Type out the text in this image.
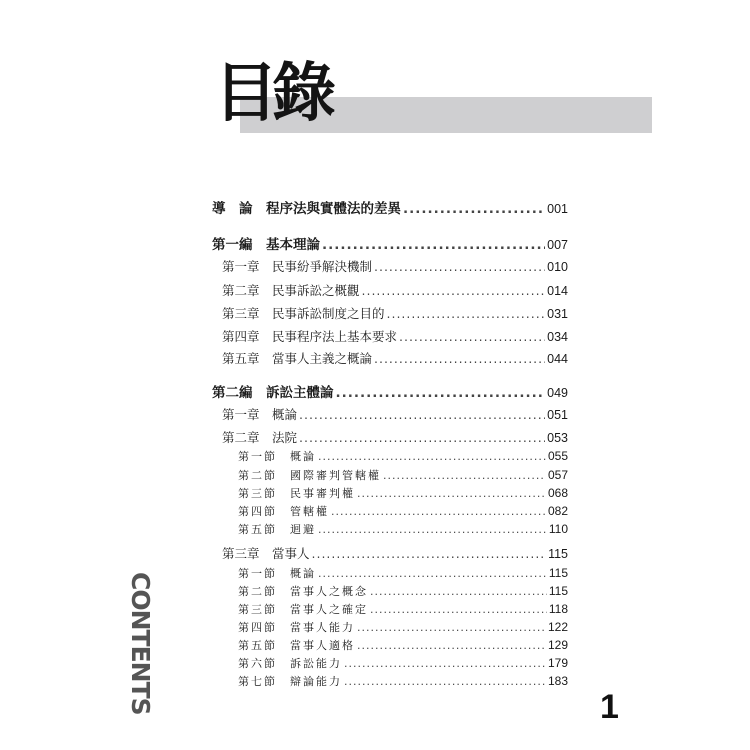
目錄
導　論　程序法與實體法的差異 .....	001
第一編　基本理論 .....	007
第一章　民事紛爭解決機制 .....	010
第二章　民事訴訟之概觀 .....	014
第三章　民事訴訟制度之目的 .....	031
第四章　民事程序法上基本要求 .....	034
第五章　當事人主義之概論 .....	044
第二編　訴訟主體論 .....	049
第一章　概論 .....	051
第二章　法院 .....	053
第一節　概論 .....	055
第二節　國際審判管轄權 .....	057
第三節　民事審判權 .....	068
第四節　管轄權 .....	082
第五節　迴避 .....	110
第三章　當事人 .....	115
第一節　概論 .....	115
第二節　當事人之概念 .....	115
第三節　當事人之確定 .....	118
第四節　當事人能力 .....	122
第五節　當事人適格 .....	129
第六節　訴訟能力 .....	179
第七節　辯論能力 .....	183
CONTENTS	1
